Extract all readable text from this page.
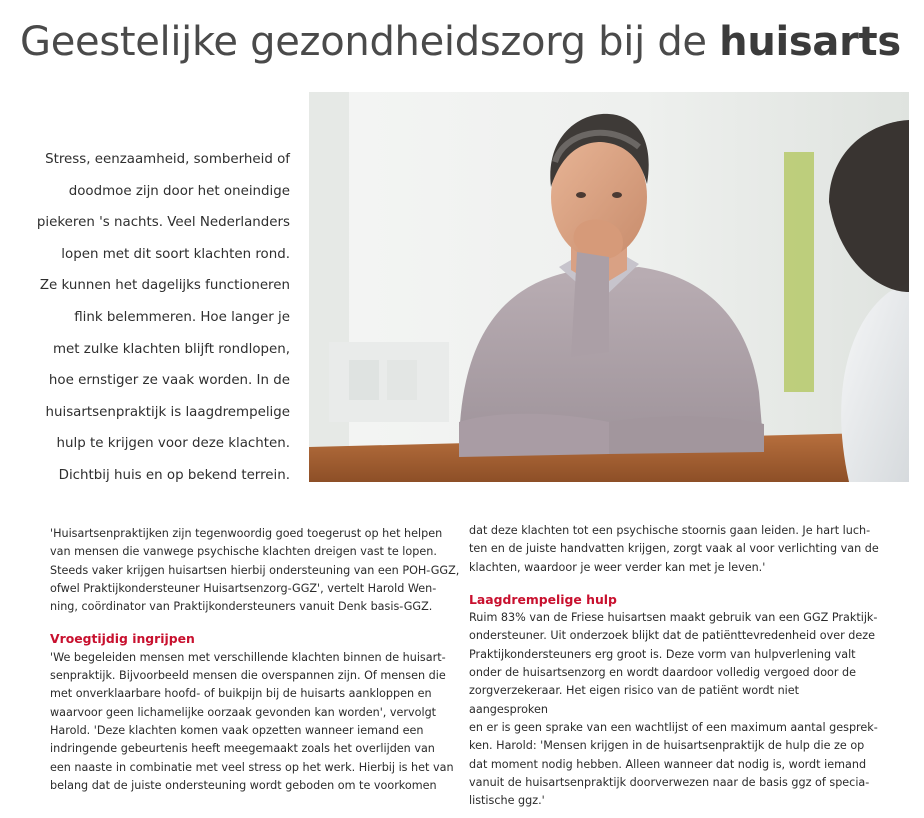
Geestelijke gezondheidszorg bij de huisarts

Stress, eenzaamheid, somberheid of
doodmoe zijn door het oneindige
piekeren 's nachts. Veel Nederlanders
lopen met dit soort klachten rond.
Ze kunnen het dagelijks functioneren
flink belemmeren. Hoe langer je
met zulke klachten blijft rondlopen,
hoe ernstiger ze vaak worden. In de
huisartsenpraktijk is laagdrempelige
hulp te krijgen voor deze klachten.
Dichtbij huis en op bekend terrein.

'Huisartsenpraktijken zijn tegenwoordig goed toegerust op het helpen
van mensen die vanwege psychische klachten dreigen vast te lopen.
Steeds vaker krijgen huisartsen hierbij ondersteuning van een POH-GGZ,
ofwel Praktijkondersteuner Huisartsenzorg-GGZ', vertelt Harold Wen-
ning, coördinator van Praktijkondersteuners vanuit Denk basis-GGZ.

Vroegtijdig ingrijpen

'We begeleiden mensen met verschillende klachten binnen de huisart-
senpraktijk. Bijvoorbeeld mensen die overspannen zijn. Of mensen die
met onverklaarbare hoofd- of buikpijn bij de huisarts aankloppen en
waarvoor geen lichamelijke oorzaak gevonden kan worden', vervolgt
Harold. 'Deze klachten komen vaak opzetten wanneer iemand een
indringende gebeurtenis heeft meegemaakt zoals het overlijden van
een naaste in combinatie met veel stress op het werk. Hierbij is het van
belang dat de juiste ondersteuning wordt geboden om te voorkomen

dat deze klachten tot een psychische stoornis gaan leiden. Je hart luch-
ten en de juiste handvatten krijgen, zorgt vaak al voor verlichting van de
klachten, waardoor je weer verder kan met je leven.'

Laagdrempelige hulp

Ruim 83% van de Friese huisartsen maakt gebruik van een GGZ Praktijk-
ondersteuner. Uit onderzoek blijkt dat de patiënttevredenheid over deze
Praktijkondersteuners erg groot is. Deze vorm van hulpverlening valt
onder de huisartsenzorg en wordt daardoor volledig vergoed door de
zorgverzekeraar. Het eigen risico van de patiënt wordt niet aangesproken
en er is geen sprake van een wachtlijst of een maximum aantal gesprek-
ken. Harold: 'Mensen krijgen in de huisartsenpraktijk de hulp die ze op
dat moment nodig hebben. Alleen wanneer dat nodig is, wordt iemand
vanuit de huisartsenpraktijk doorverwezen naar de basis ggz of specia-
listische ggz.'
